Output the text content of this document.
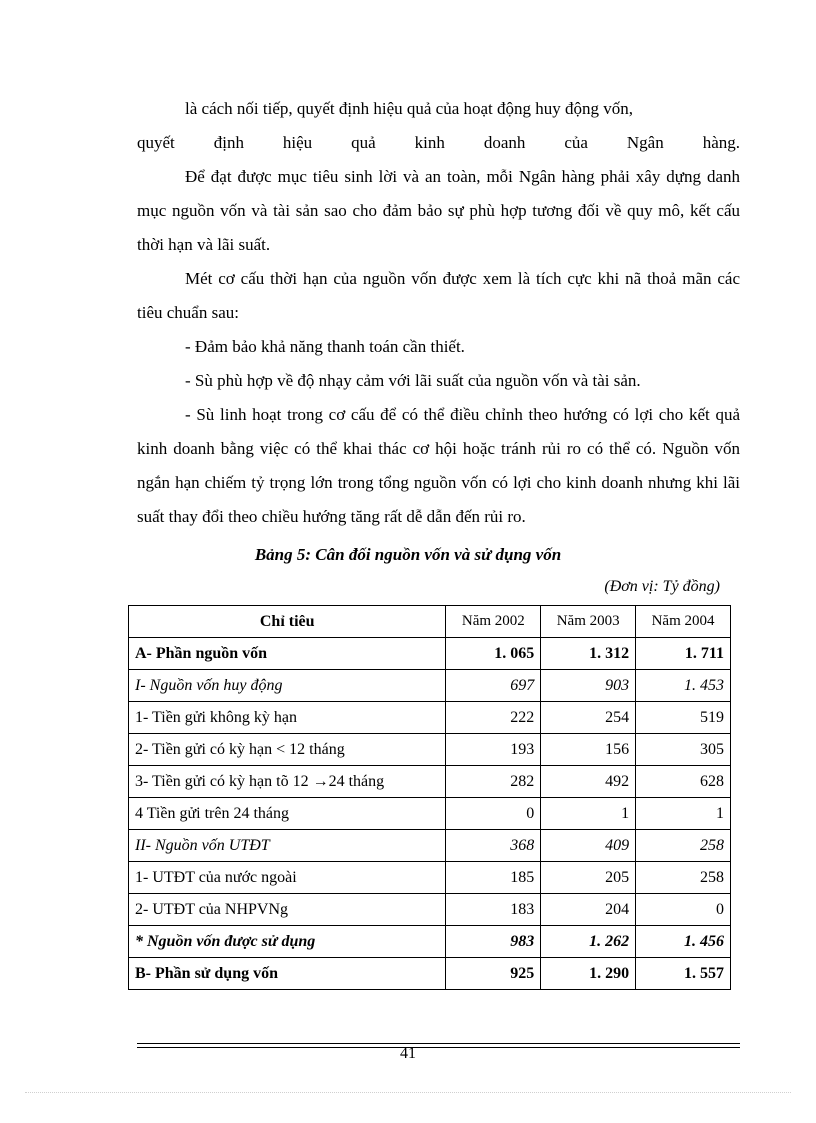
là cách nối tiếp, quyết định hiệu quả của hoạt động huy động vốn,

quyết định hiệu quả kinh doanh của Ngân hàng.

Để đạt được mục tiêu sinh lời và an toàn, mỗi Ngân hàng phải xây dựng danh mục nguồn vốn và tài sản sao cho đảm bảo sự phù hợp tương đối về quy mô, kết cấu thời hạn và lãi suất.

Mét cơ cấu thời hạn của nguồn vốn được xem là tích cực khi nã thoả mãn các tiêu chuẩn sau:

- Đảm bảo khả năng thanh toán cần thiết.

- Sù phù hợp về độ nhạy cảm với lãi suất của nguồn vốn và tài sản.

- Sù linh hoạt trong cơ cấu để có thể điều chỉnh theo hướng có lợi cho kết quả kinh doanh bằng việc có thể khai thác cơ hội hoặc tránh rủi ro có thể có. Nguồn vốn ngắn hạn chiếm tỷ trọng lớn trong tổng nguồn vốn có lợi cho kinh doanh nhưng khi lãi suất thay đổi theo chiều hướng tăng rất dễ dẫn đến rủi ro.

Bảng 5: Cân đối nguồn vốn và sử dụng vốn
(Đơn vị: Tỷ đồng)
Chỉ tiêu	Năm 2002	Năm 2003	Năm 2004
A- Phần nguồn vốn	1. 065	1. 312	1. 711
I- Nguồn vốn huy động	697	903	1. 453
1- Tiền gửi không kỳ hạn	222	254	519
2- Tiền gửi có kỳ hạn < 12 tháng	193	156	305
3- Tiền gửi có kỳ hạn tõ 12 →24 tháng	282	492	628
4 Tiền gửi trên 24 tháng	0	1	1
II- Nguồn vốn UTĐT	368	409	258
1- UTĐT của nước ngoài	185	205	258
2- UTĐT của NHPVNg	183	204	0
* Nguồn vốn được sử dụng	983	1. 262	1. 456
B- Phần sử dụng vốn	925	1. 290	1. 557
41
